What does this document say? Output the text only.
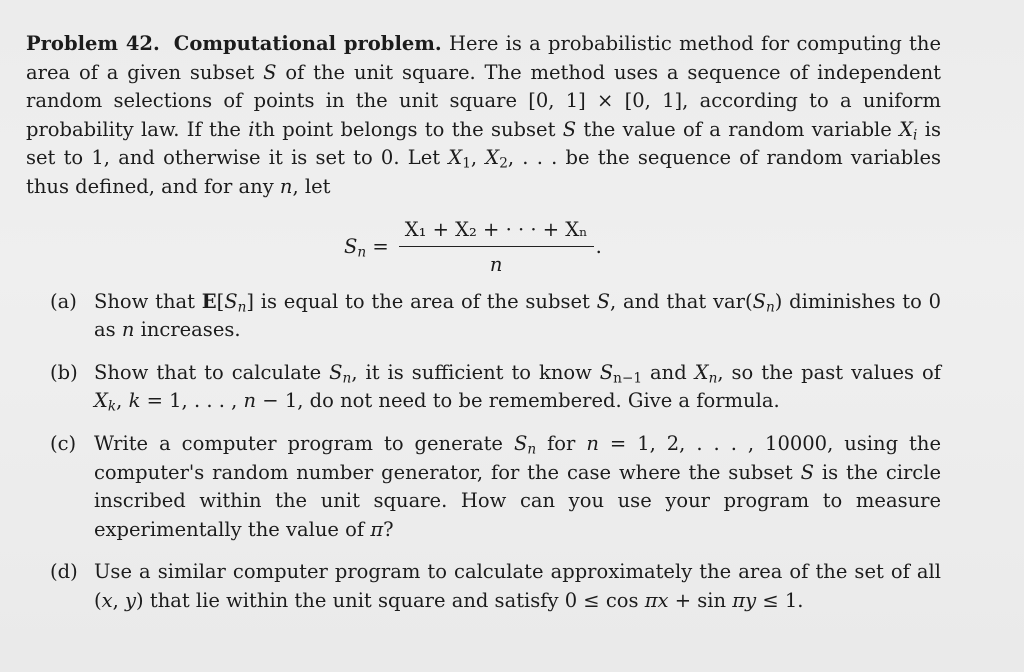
Problem 42. Computational problem. Here is a probabilistic method for computing the area of a given subset S of the unit square. The method uses a sequence of independent random selections of points in the unit square [0, 1] × [0, 1], according to a uniform probability law. If the ith point belongs to the subset S the value of a random variable $X_i$ is set to 1, and otherwise it is set to 0. Let $X_1$, $X_2$, . . . be the sequence of random variables thus defined, and for any n, let

$S_n = \frac{\text{X₁ + X₂ + · · · + Xₙ}}{n}$ .
(a) Show that $E[S_n]$ is equal to the area of the subset S, and that $var(S_n)$ diminishes to 0 as n increases.
(b) Show that to calculate $S_n$, it is sufficient to know $S_{n-1}$ and $X_n$, so the past values of $X_k$, k = 1, . . . , n − 1, do not need to be remembered. Give a formula.
(c) Write a computer program to generate $S_n$ for n = 1, 2, . . . , 10000, using the computer's random number generator, for the case where the subset S is the circle inscribed within the unit square. How can you use your program to measure experimentally the value of π?
(d) Use a similar computer program to calculate approximately the area of the set of all (x, y) that lie within the unit square and satisfy 0 ≤ cos πx + sin πy ≤ 1.
